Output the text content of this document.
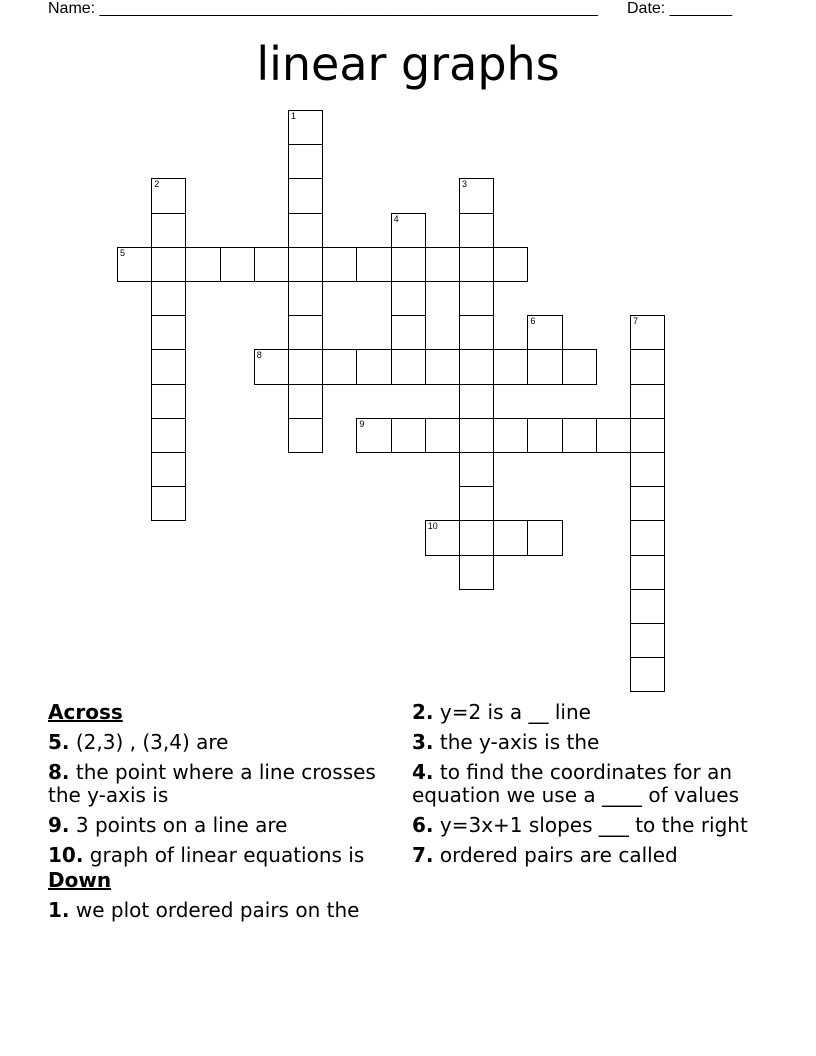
Name: ________________________________________________________ Date: _______
linear graphs
1
2	3
4
5
6	7
8
9
10
Across
5. (2,3) , (3,4) are
8. the point where a line crosses the y-axis is
9. 3 points on a line are
10. graph of linear equations is
Down
1. we plot ordered pairs on the
2. y=2 is a __ line
3. the y-axis is the
4. to find the coordinates for an equation we use a ____ of values
6. y=3x+1 slopes ___ to the right
7. ordered pairs are called
